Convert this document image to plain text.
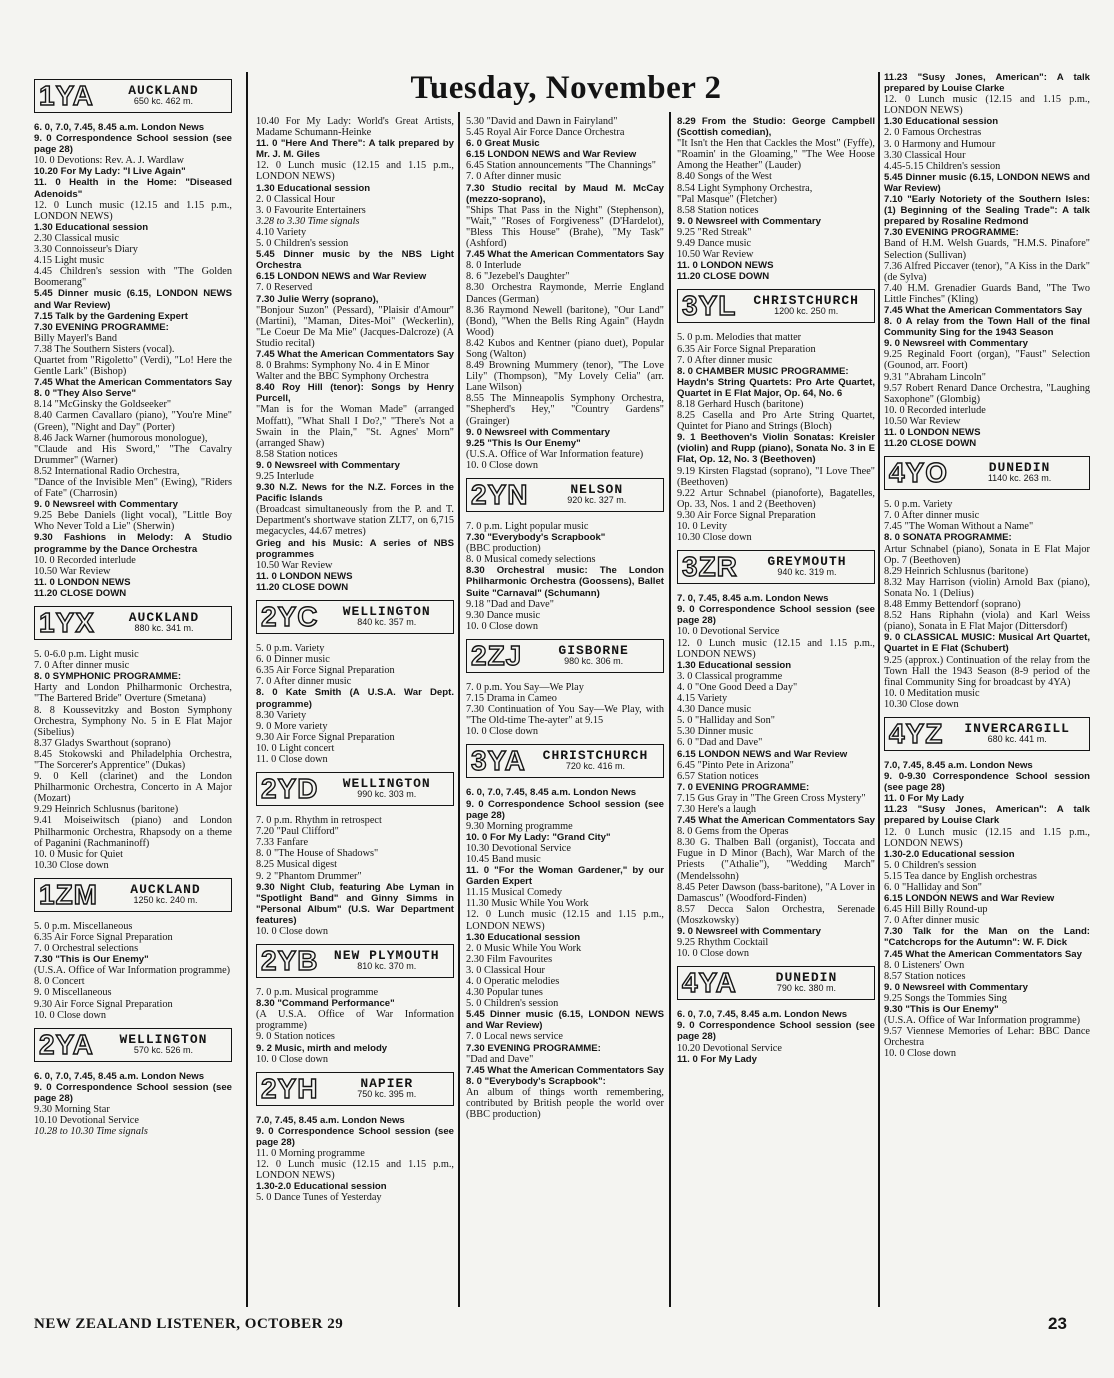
Tuesday, November 2
1YA	AUCKLAND
650 kc. 462 m.

6. 0, 7.0, 7.45, 8.45 a.m. London News

9. 0 Correspondence School session (see page 28)

10. 0 Devotions: Rev. A. J. Wardlaw

10.20 For My Lady: "I Live Again"

11. 0 Health in the Home: "Diseased Adenoids"

12. 0 Lunch music (12.15 and 1.15 p.m., LONDON NEWS)

1.30 Educational session

2.30 Classical music

3.30 Connoisseur's Diary

4.15 Light music

4.45 Children's session with "The Golden Boomerang"

5.45 Dinner music (6.15, LONDON NEWS and War Review)

7.15 Talk by the Gardening Expert

7.30 EVENING PROGRAMME:

Billy Mayerl's Band

7.38 The Southern Sisters (vocal).

Quartet from "Rigoletto" (Verdi), "Lo! Here the Gentle Lark" (Bishop)

7.45 What the American Commentators Say

8. 0 "They Also Serve"

8.14 "McGinsky the Goldseeker"

8.40 Carmen Cavallaro (piano), "You're Mine" (Green), "Night and Day" (Porter)

8.46 Jack Warner (humorous monologue),

"Claude and His Sword," "The Cavalry Drummer" (Warner)

8.52 International Radio Orchestra,

"Dance of the Invisible Men" (Ewing), "Riders of Fate" (Charrosin)

9. 0 Newsreel with Commentary

9.25 Bebe Daniels (light vocal), "Little Boy Who Never Told a Lie" (Sherwin)

9.30 Fashions in Melody: A Studio programme by the Dance Orchestra

10. 0 Recorded interlude

10.50 War Review

11. 0 LONDON NEWS

11.20 CLOSE DOWN

1YX	AUCKLAND
880 kc. 341 m.

5. 0-6.0 p.m. Light music

7. 0 After dinner music

8. 0 SYMPHONIC PROGRAMME:

Harty and London Philharmonic Orchestra, "The Bartered Bride" Overture (Smetana)

8. 8 Koussevitzky and Boston Symphony Orchestra, Symphony No. 5 in E Flat Major (Sibelius)

8.37 Gladys Swarthout (soprano)

8.45 Stokowski and Philadelphia Orchestra, "The Sorcerer's Apprentice" (Dukas)

9. 0 Kell (clarinet) and the London Philharmonic Orchestra, Concerto in A Major (Mozart)

9.29 Heinrich Schlusnus (baritone)

9.41 Moiseiwitsch (piano) and London Philharmonic Orchestra, Rhapsody on a theme of Paganini (Rachmaninoff)

10. 0 Music for Quiet

10.30 Close down

1ZM	AUCKLAND
1250 kc. 240 m.

5. 0 p.m. Miscellaneous

6.35 Air Force Signal Preparation

7. 0 Orchestral selections

7.30 "This is Our Enemy"

(U.S.A. Office of War Information programme)

8. 0 Concert

9. 0 Miscellaneous

9.30 Air Force Signal Preparation

10. 0 Close down

2YA	WELLINGTON
570 kc. 526 m.

6. 0, 7.0, 7.45, 8.45 a.m. London News

9. 0 Correspondence School session (see page 28)

9.30 Morning Star

10.10 Devotional Service

10.28 to 10.30 Time signals

10.40 For My Lady: World's Great Artists, Madame Schumann-Heinke

11. 0 "Here And There": A talk prepared by Mr. J. M. Giles

12. 0 Lunch music (12.15 and 1.15 p.m., LONDON NEWS)

1.30 Educational session

2. 0 Classical Hour

3. 0 Favourite Entertainers

3.28 to 3.30 Time signals

4.10 Variety

5. 0 Children's session

5.45 Dinner music by the NBS Light Orchestra

6.15 LONDON NEWS and War Review

7. 0 Reserved

7.30 Julie Werry (soprano),

"Bonjour Suzon" (Pessard), "Plaisir d'Amour" (Martini), "Maman, Dites-Moi" (Weckerlin), "Le Coeur De Ma Mie" (Jacques-Dalcroze) (A Studio recital)

7.45 What the American Commentators Say

8. 0 Brahms: Symphony No. 4 in E Minor

Walter and the BBC Symphony Orchestra

8.40 Roy Hill (tenor): Songs by Henry Purcell,

"Man is for the Woman Made" (arranged Moffatt), "What Shall I Do?," "There's Not a Swain in the Plain," "St. Agnes' Morn" (arranged Shaw)

8.58 Station notices

9. 0 Newsreel with Commentary

9.25 Interlude

9.30 N.Z. News for the N.Z. Forces in the Pacific Islands

(Broadcast simultaneously from the P. and T. Department's shortwave station ZLT7, on 6,715 megacycles, 44.67 metres)

Grieg and his Music: A series of NBS programmes

10.50 War Review

11. 0 LONDON NEWS

11.20 CLOSE DOWN

2YC	WELLINGTON
840 kc. 357 m.

5. 0 p.m. Variety

6. 0 Dinner music

6.35 Air Force Signal Preparation

7. 0 After dinner music

8. 0 Kate Smith (A U.S.A. War Dept. programme)

8.30 Variety

9. 0 More variety

9.30 Air Force Signal Preparation

10. 0 Light concert

11. 0 Close down

2YD	WELLINGTON
990 kc. 303 m.

7. 0 p.m. Rhythm in retrospect

7.20 "Paul Clifford"

7.33 Fanfare

8. 0 "The House of Shadows"

8.25 Musical digest

9. 2 "Phantom Drummer"

9.30 Night Club, featuring Abe Lyman in "Spotlight Band" and Ginny Simms in "Personal Album" (U.S. War Department features)

10. 0 Close down

2YB	NEW PLYMOUTH
810 kc. 370 m.

7. 0 p.m. Musical programme

8.30 "Command Performance"

(A U.S.A. Office of War Information programme)

9. 0 Station notices

9. 2 Music, mirth and melody

10. 0 Close down

2YH	NAPIER
750 kc. 395 m.

7.0, 7.45, 8.45 a.m. London News

9. 0 Correspondence School session (see page 28)

11. 0 Morning programme

12. 0 Lunch music (12.15 and 1.15 p.m., LONDON NEWS)

1.30-2.0 Educational session

5. 0 Dance Tunes of Yesterday

5.30 "David and Dawn in Fairyland"

5.45 Royal Air Force Dance Orchestra

6. 0 Great Music

6.15 LONDON NEWS and War Review

6.45 Station announcements "The Channings"

7. 0 After dinner music

7.30 Studio recital by Maud M. McCay (mezzo-soprano),

"Ships That Pass in the Night" (Stephenson), "Wait," "Roses of Forgiveness" (D'Hardelot), "Bless This House" (Brahe), "My Task" (Ashford)

7.45 What the American Commentators Say

8. 0 Interlude

8. 6 "Jezebel's Daughter"

8.30 Orchestra Raymonde, Merrie England Dances (German)

8.36 Raymond Newell (baritone), "Our Land" (Bond), "When the Bells Ring Again" (Haydn Wood)

8.42 Kubos and Kentner (piano duet), Popular Song (Walton)

8.49 Browning Mummery (tenor), "The Love Lily" (Thompson), "My Lovely Celia" (arr. Lane Wilson)

8.55 The Minneapolis Symphony Orchestra, "Shepherd's Hey," "Country Gardens" (Grainger)

9. 0 Newsreel with Commentary

9.25 "This Is Our Enemy"

(U.S.A. Office of War Information feature)

10. 0 Close down

2YN	NELSON
920 kc. 327 m.

7. 0 p.m. Light popular music

7.30 "Everybody's Scrapbook"

(BBC production)

8. 0 Musical comedy selections

8.30 Orchestral music: The London Philharmonic Orchestra (Goossens), Ballet Suite "Carnaval" (Schumann)

9.18 "Dad and Dave"

9.30 Dance music

10. 0 Close down

2ZJ	GISBORNE
980 kc. 306 m.

7. 0 p.m. You Say—We Play

7.15 Drama in Cameo

7.30 Continuation of You Say—We Play, with "The Old-time The-ayter" at 9.15

10. 0 Close down

3YA	CHRISTCHURCH
720 kc. 416 m.

6. 0, 7.0, 7.45, 8.45 a.m. London News

9. 0 Correspondence School session (see page 28)

9.30 Morning programme

10. 0 For My Lady: "Grand City"

10.30 Devotional Service

10.45 Band music

11. 0 "For the Woman Gardener," by our Garden Expert

11.15 Musical Comedy

11.30 Music While You Work

12. 0 Lunch music (12.15 and 1.15 p.m., LONDON NEWS)

1.30 Educational session

2. 0 Music While You Work

2.30 Film Favourites

3. 0 Classical Hour

4. 0 Operatic melodies

4.30 Popular tunes

5. 0 Children's session

5.45 Dinner music (6.15, LONDON NEWS and War Review)

7. 0 Local news service

7.30 EVENING PROGRAMME:

"Dad and Dave"

7.45 What the American Commentators Say

8. 0 "Everybody's Scrapbook":

An album of things worth remembering, contributed by British people the world over (BBC production)

8.29 From the Studio: George Campbell (Scottish comedian),

"It Isn't the Hen that Cackles the Most" (Fyffe), "Roamin' in the Gloaming," "The Wee Hoose Among the Heather" (Lauder)

8.40 Songs of the West

8.54 Light Symphony Orchestra,

"Pal Masque" (Fletcher)

8.58 Station notices

9. 0 Newsreel with Commentary

9.25 "Red Streak"

9.49 Dance music

10.50 War Review

11. 0 LONDON NEWS

11.20 CLOSE DOWN

3YL	CHRISTCHURCH
1200 kc. 250 m.

5. 0 p.m. Melodies that matter

6.35 Air Force Signal Preparation

7. 0 After dinner music

8. 0 CHAMBER MUSIC PROGRAMME:

Haydn's String Quartets: Pro Arte Quartet, Quartet in E Flat Major, Op. 64, No. 6

8.18 Gerhard Husch (baritone)

8.25 Casella and Pro Arte String Quartet, Quintet for Piano and Strings (Bloch)

9. 1 Beethoven's Violin Sonatas: Kreisler (violin) and Rupp (piano), Sonata No. 3 in E Flat, Op. 12, No. 3 (Beethoven)

9.19 Kirsten Flagstad (soprano), "I Love Thee" (Beethoven)

9.22 Artur Schnabel (pianoforte), Bagatelles, Op. 33, Nos. 1 and 2 (Beethoven)

9.30 Air Force Signal Preparation

10. 0 Levity

10.30 Close down

3ZR	GREYMOUTH
940 kc. 319 m.

7. 0, 7.45, 8.45 a.m. London News

9. 0 Correspondence School session (see page 28)

10. 0 Devotional Service

12. 0 Lunch music (12.15 and 1.15 p.m., LONDON NEWS)

1.30 Educational session

3. 0 Classical programme

4. 0 "One Good Deed a Day"

4.15 Variety

4.30 Dance music

5. 0 "Halliday and Son"

5.30 Dinner music

6. 0 "Dad and Dave"

6.15 LONDON NEWS and War Review

6.45 "Pinto Pete in Arizona"

6.57 Station notices

7. 0 EVENING PROGRAMME:

7.15 Gus Gray in "The Green Cross Mystery"

7.30 Here's a laugh

7.45 What the American Commentators Say

8. 0 Gems from the Operas

8.30 G. Thalben Ball (organist), Toccata and Fugue in D Minor (Bach), War March of the Priests ("Athalie"), "Wedding March" (Mendelssohn)

8.45 Peter Dawson (bass-baritone), "A Lover in Damascus" (Woodford-Finden)

8.57 Decca Salon Orchestra, Serenade (Moszkowsky)

9. 0 Newsreel with Commentary

9.25 Rhythm Cocktail

10. 0 Close down

4YA	DUNEDIN
790 kc. 380 m.

6. 0, 7.0, 7.45, 8.45 a.m. London News

9. 0 Correspondence School session (see page 28)

10.20 Devotional Service

11. 0 For My Lady

11.23 "Susy Jones, American": A talk prepared by Louise Clarke

12. 0 Lunch music (12.15 and 1.15 p.m., LONDON NEWS)

1.30 Educational session

2. 0 Famous Orchestras

3. 0 Harmony and Humour

3.30 Classical Hour

4.45-5.15 Children's session

5.45 Dinner music (6.15, LONDON NEWS and War Review)

7.10 "Early Notoriety of the Southern Isles: (1) Beginning of the Sealing Trade": A talk prepared by Rosaline Redmond

7.30 EVENING PROGRAMME:

Band of H.M. Welsh Guards, "H.M.S. Pinafore" Selection (Sullivan)

7.36 Alfred Piccaver (tenor), "A Kiss in the Dark" (de Sylva)

7.40 H.M. Grenadier Guards Band, "The Two Little Finches" (Kling)

7.45 What the American Commentators Say

8. 0 A relay from the Town Hall of the final Community Sing for the 1943 Season

9. 0 Newsreel with Commentary

9.25 Reginald Foort (organ), "Faust" Selection (Gounod, arr. Foort)

9.31 "Abraham Lincoln"

9.57 Robert Renard Dance Orchestra, "Laughing Saxophone" (Glombig)

10. 0 Recorded interlude

10.50 War Review

11. 0 LONDON NEWS

11.20 CLOSE DOWN

4YO	DUNEDIN
1140 kc. 263 m.

5. 0 p.m. Variety

7. 0 After dinner music

7.45 "The Woman Without a Name"

8. 0 SONATA PROGRAMME:

Artur Schnabel (piano), Sonata in E Flat Major Op. 7 (Beethoven)

8.29 Heinrich Schlusnus (baritone)

8.32 May Harrison (violin) Arnold Bax (piano), Sonata No. 1 (Delius)

8.48 Emmy Bettendorf (soprano)

8.52 Hans Riphahn (viola) and Karl Weiss (piano), Sonata in E Flat Major (Dittersdorf)

9. 0 CLASSICAL MUSIC: Musical Art Quartet, Quartet in E Flat (Schubert)

9.25 (approx.) Continuation of the relay from the Town Hall the 1943 Season (8-9 period of the final Community Sing for broadcast by 4YA)

10. 0 Meditation music

10.30 Close down

4YZ	INVERCARGILL
680 kc. 441 m.

7.0, 7.45, 8.45 a.m. London News

9. 0-9.30 Correspondence School session (see page 28)

11. 0 For My Lady

11.23 "Susy Jones, American": A talk prepared by Louise Clark

12. 0 Lunch music (12.15 and 1.15 p.m., LONDON NEWS)

1.30-2.0 Educational session

5. 0 Children's session

5.15 Tea dance by English orchestras

6. 0 "Halliday and Son"

6.15 LONDON NEWS and War Review

6.45 Hill Billy Round-up

7. 0 After dinner music

7.30 Talk for the Man on the Land: "Catchcrops for the Autumn": W. F. Dick

7.45 What the American Commentators Say

8. 0 Listeners' Own

8.57 Station notices

9. 0 Newsreel with Commentary

9.25 Songs the Tommies Sing

9.30 "This is Our Enemy"

(U.S.A. Office of War Information programme)

9.57 Viennese Memories of Lehar: BBC Dance Orchestra

10. 0 Close down

NEW ZEALAND LISTENER, OCTOBER 29	23
